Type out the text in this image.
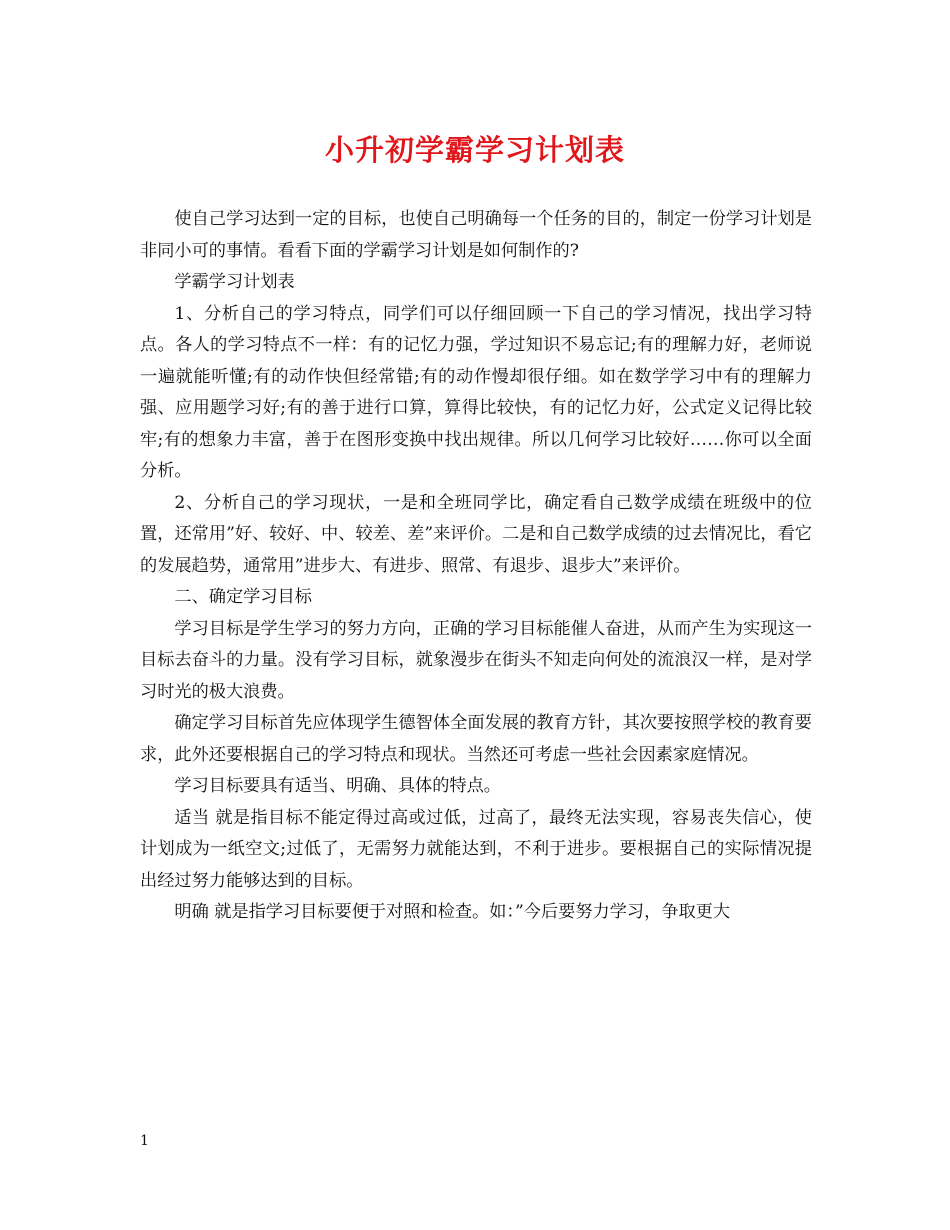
小升初学霸学习计划表

使自己学习达到一定的目标，也使自己明确每一个任务的目的，制定一份学习计划是非同小可的事情。看看下面的学霸学习计划是如何制作的?

学霸学习计划表

1、分析自己的学习特点，同学们可以仔细回顾一下自己的学习情况，找出学习特点。各人的学习特点不一样：有的记忆力强，学过知识不易忘记;有的理解力好，老师说一遍就能听懂;有的动作快但经常错;有的动作慢却很仔细。如在数学学习中有的理解力强、应用题学习好;有的善于进行口算，算得比较快，有的记忆力好，公式定义记得比较牢;有的想象力丰富，善于在图形变换中找出规律。所以几何学习比较好……你可以全面分析。

2、分析自己的学习现状，一是和全班同学比，确定看自己数学成绩在班级中的位置，还常用”好、较好、中、较差、差”来评价。二是和自己数学成绩的过去情况比，看它的发展趋势，通常用”进步大、有进步、照常、有退步、退步大”来评价。

二、确定学习目标

学习目标是学生学习的努力方向，正确的学习目标能催人奋进，从而产生为实现这一目标去奋斗的力量。没有学习目标，就象漫步在街头不知走向何处的流浪汉一样，是对学习时光的极大浪费。

确定学习目标首先应体现学生德智体全面发展的教育方针，其次要按照学校的教育要求，此外还要根据自己的学习特点和现状。当然还可考虑一些社会因素家庭情况。

学习目标要具有适当、明确、具体的特点。

适当 就是指目标不能定得过高或过低，过高了，最终无法实现，容易丧失信心，使计划成为一纸空文;过低了，无需努力就能达到，不利于进步。要根据自己的实际情况提出经过努力能够达到的目标。

明确 就是指学习目标要便于对照和检查。如：”今后要努力学习，争取更大

1
